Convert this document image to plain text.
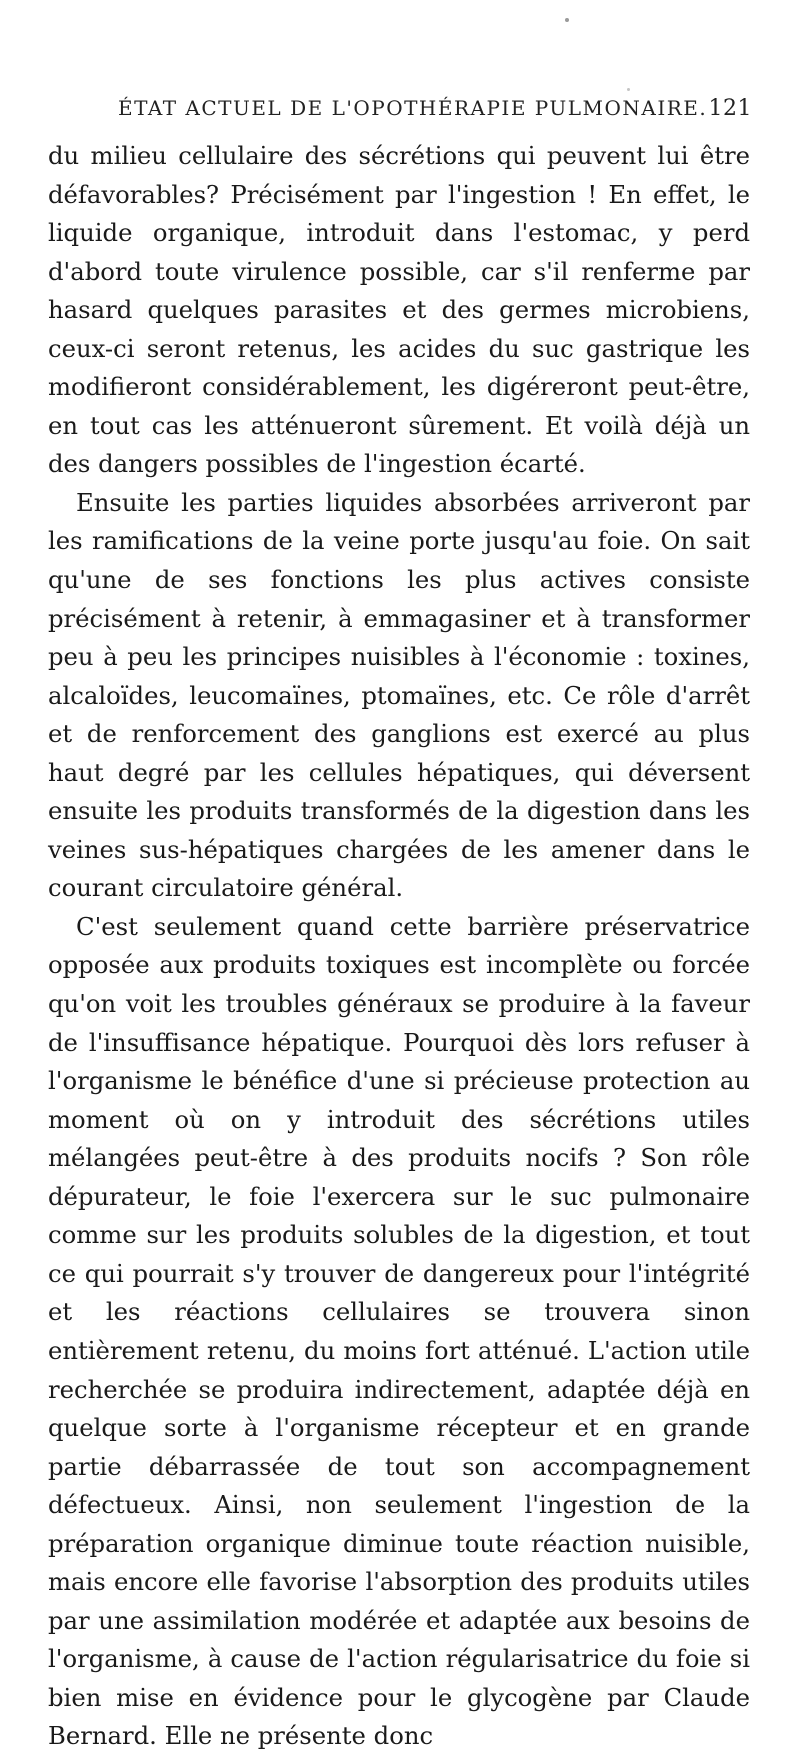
ÉTAT ACTUEL DE L'OPOTHÉRAPIE PULMONAIRE. 121

du milieu cellulaire des sécrétions qui peuvent lui être défavorables? Précisément par l'ingestion ! En effet, le liquide organique, introduit dans l'estomac, y perd d'abord toute virulence possible, car s'il renferme par hasard quelques parasites et des germes microbiens, ceux-ci seront retenus, les acides du suc gastrique les modifieront considérablement, les digéreront peut-être, en tout cas les atténueront sûrement. Et voilà déjà un des dangers possibles de l'ingestion écarté.

Ensuite les parties liquides absorbées arriveront par les ramifications de la veine porte jusqu'au foie. On sait qu'une de ses fonctions les plus actives consiste précisément à retenir, à emmagasiner et à transformer peu à peu les principes nuisibles à l'économie : toxines, alcaloïdes, leucomaïnes, ptomaïnes, etc. Ce rôle d'arrêt et de renforcement des ganglions est exercé au plus haut degré par les cellules hépatiques, qui déversent ensuite les produits transformés de la digestion dans les veines sus-hépatiques chargées de les amener dans le courant circulatoire général.

C'est seulement quand cette barrière préservatrice opposée aux produits toxiques est incomplète ou forcée qu'on voit les troubles généraux se produire à la faveur de l'insuffisance hépatique. Pourquoi dès lors refuser à l'organisme le bénéfice d'une si précieuse protection au moment où on y introduit des sécrétions utiles mélangées peut-être à des produits nocifs ? Son rôle dépurateur, le foie l'exercera sur le suc pulmonaire comme sur les produits solubles de la digestion, et tout ce qui pourrait s'y trouver de dangereux pour l'intégrité et les réactions cellulaires se trouvera sinon entièrement retenu, du moins fort atténué. L'action utile recherchée se produira indirectement, adaptée déjà en quelque sorte à l'organisme récepteur et en grande partie débarrassée de tout son accompagnement défectueux. Ainsi, non seulement l'ingestion de la préparation organique diminue toute réaction nuisible, mais encore elle favorise l'absorption des produits utiles par une assimilation modérée et adaptée aux besoins de l'organisme, à cause de l'action régularisatrice du foie si bien mise en évidence pour le glycogène par Claude Bernard. Elle ne présente donc
